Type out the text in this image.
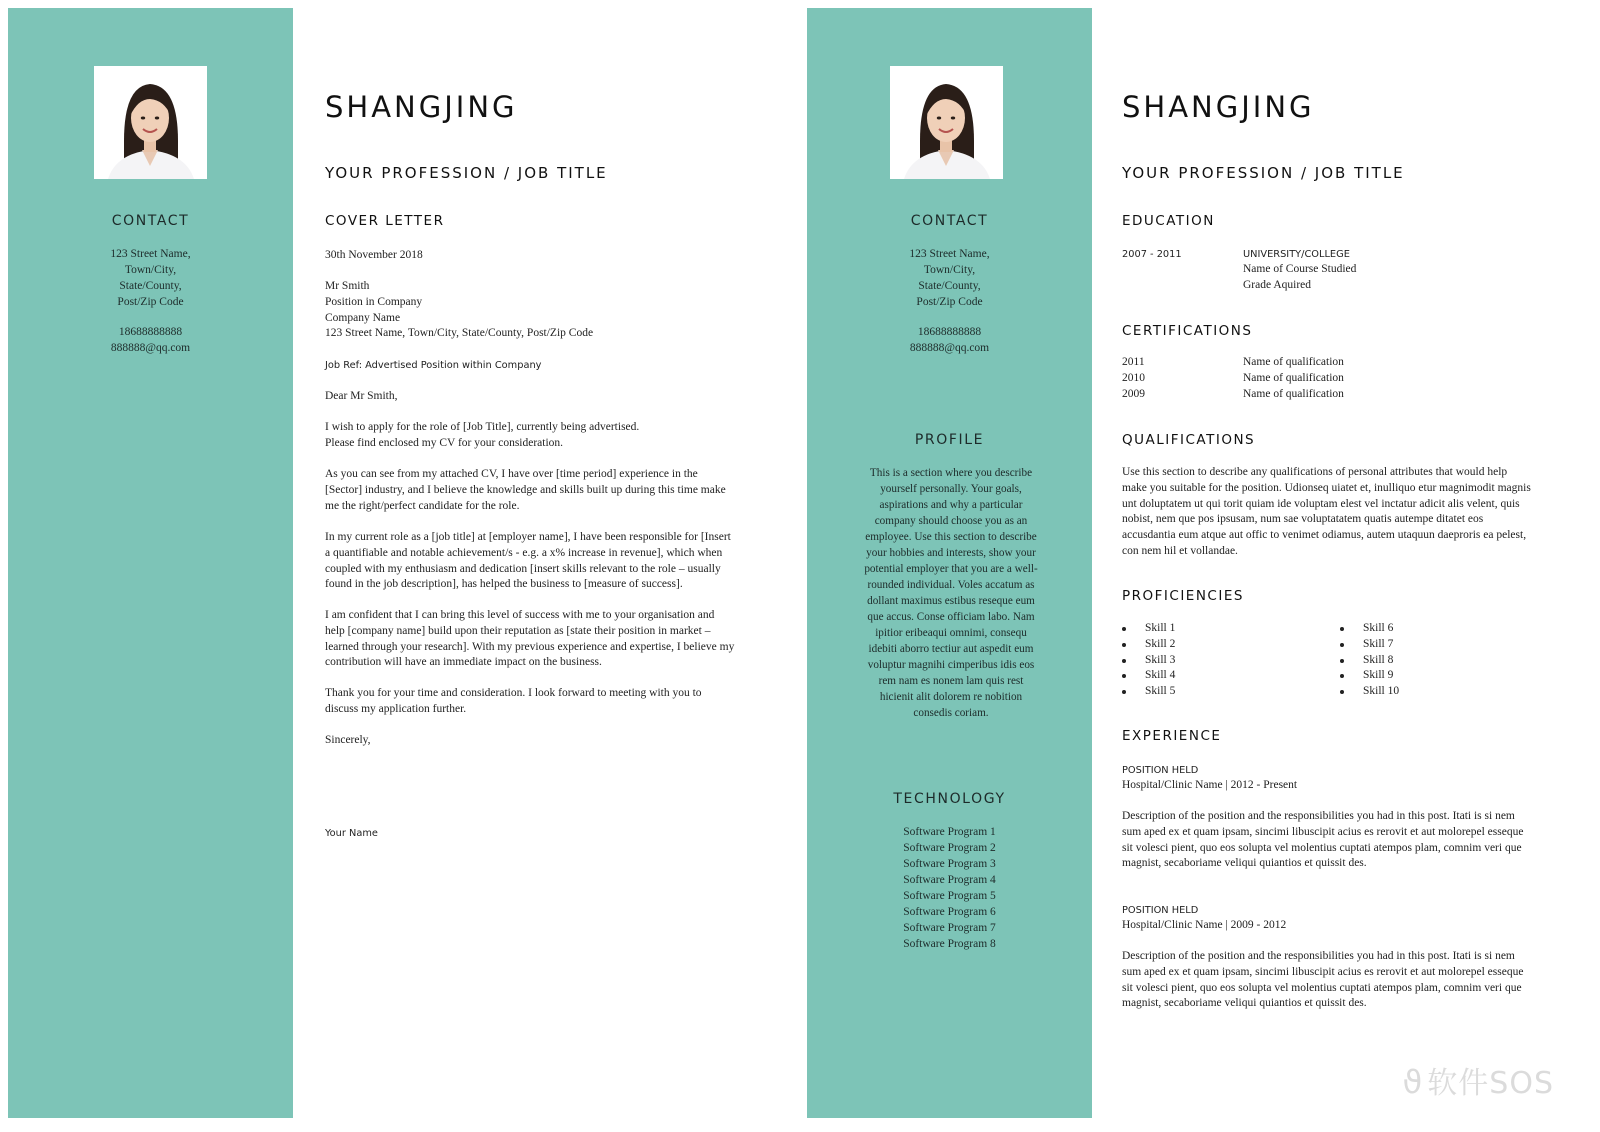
CONTACT
123 Street Name,
Town/City,
State/County,
Post/Zip Code
18688888888
888888@qq.com
SHANGJING
YOUR PROFESSION / JOB TITLE
COVER LETTER
30th November 2018
Mr Smith
Position in Company
Company Name
123 Street Name, Town/City, State/County, Post/Zip Code
Job Ref: Advertised Position within Company
Dear Mr Smith,
I wish to apply for the role of [Job Title], currently being advertised.
Please find enclosed my CV for your consideration.
As you can see from my attached CV, I have over [time period] experience in the
[Sector] industry, and I believe the knowledge and skills built up during this time make
me the right/perfect candidate for the role.
In my current role as a [job title] at [employer name], I have been responsible for [Insert
a quantifiable and notable achievement/s - e.g. a x% increase in revenue], which when
coupled with my enthusiasm and dedication [insert skills relevant to the role – usually
found in the job description], has helped the business to [measure of success].
I am confident that I can bring this level of success with me to your organisation and
help [company name] build upon their reputation as [state their position in market –
learned through your research]. With my previous experience and expertise, I believe my
contribution will have an immediate impact on the business.
Thank you for your time and consideration. I look forward to meeting with you to
discuss my application further.
Sincerely,
Your Name
CONTACT
123 Street Name,
Town/City,
State/County,
Post/Zip Code
18688888888
888888@qq.com
PROFILE
This is a section where you describe
yourself personally. Your goals,
aspirations and why a particular
company should choose you as an
employee. Use this section to describe
your hobbies and interests, show your
potential employer that you are a well-
rounded individual. Voles accatum as
dollant maximus estibus reseque eum
que accus. Conse officiam labo. Nam
ipitior eribeaqui omnimi, consequ
idebiti aborro tectiur aut aspedit eum
voluptur magnihi cimperibus idis eos
rem nam es nonem lam quis rest
hicienit alit dolorem re nobition
consedis coriam.
TECHNOLOGY
Software Program 1
Software Program 2
Software Program 3
Software Program 4
Software Program 5
Software Program 6
Software Program 7
Software Program 8
SHANGJING
YOUR PROFESSION / JOB TITLE
EDUCATION
2007 - 2011	UNIVERSITY/COLLEGE
Name of Course Studied
Grade Aquired
CERTIFICATIONS
2011	Name of qualification
2010	Name of qualification
2009	Name of qualification
QUALIFICATIONS
Use this section to describe any qualifications of personal attributes that would help
make you suitable for the position. Udionseq uiatet et, inulliquo etur magnimodit magnis
unt doluptatem ut qui torit quiam ide voluptam elest vel inctatur adicit alis velent, quis
nobist, nem que pos ipsusam, num sae voluptatatem quatis autempe ditatet eos
accusdantia eum atque aut offic to venimet odiamus, autem utaquun daeproris ea pelest,
con nem hil et vollandae.
PROFICIENCIES
Skill 1
Skill 2
Skill 3
Skill 4
Skill 5
Skill 6
Skill 7
Skill 8
Skill 9
Skill 10
EXPERIENCE
POSITION HELD
Hospital/Clinic Name | 2012 - Present
Description of the position and the responsibilities you had in this post. Itati is si nem
sum aped ex et quam ipsam, sincimi libuscipit acius es rerovit et aut molorepel esseque
sit volesci pient, quo eos solupta vel molentius cuptati atempos plam, comnim veri que
magnist, secaboriame veliqui quiantios et quissit des.
POSITION HELD
Hospital/Clinic Name | 2009 - 2012
Description of the position and the responsibilities you had in this post. Itati is si nem
sum aped ex et quam ipsam, sincimi libuscipit acius es rerovit et aut molorepel esseque
sit volesci pient, quo eos solupta vel molentius cuptati atempos plam, comnim veri que
magnist, secaboriame veliqui quiantios et quissit des.
ϑ 软件SOS
